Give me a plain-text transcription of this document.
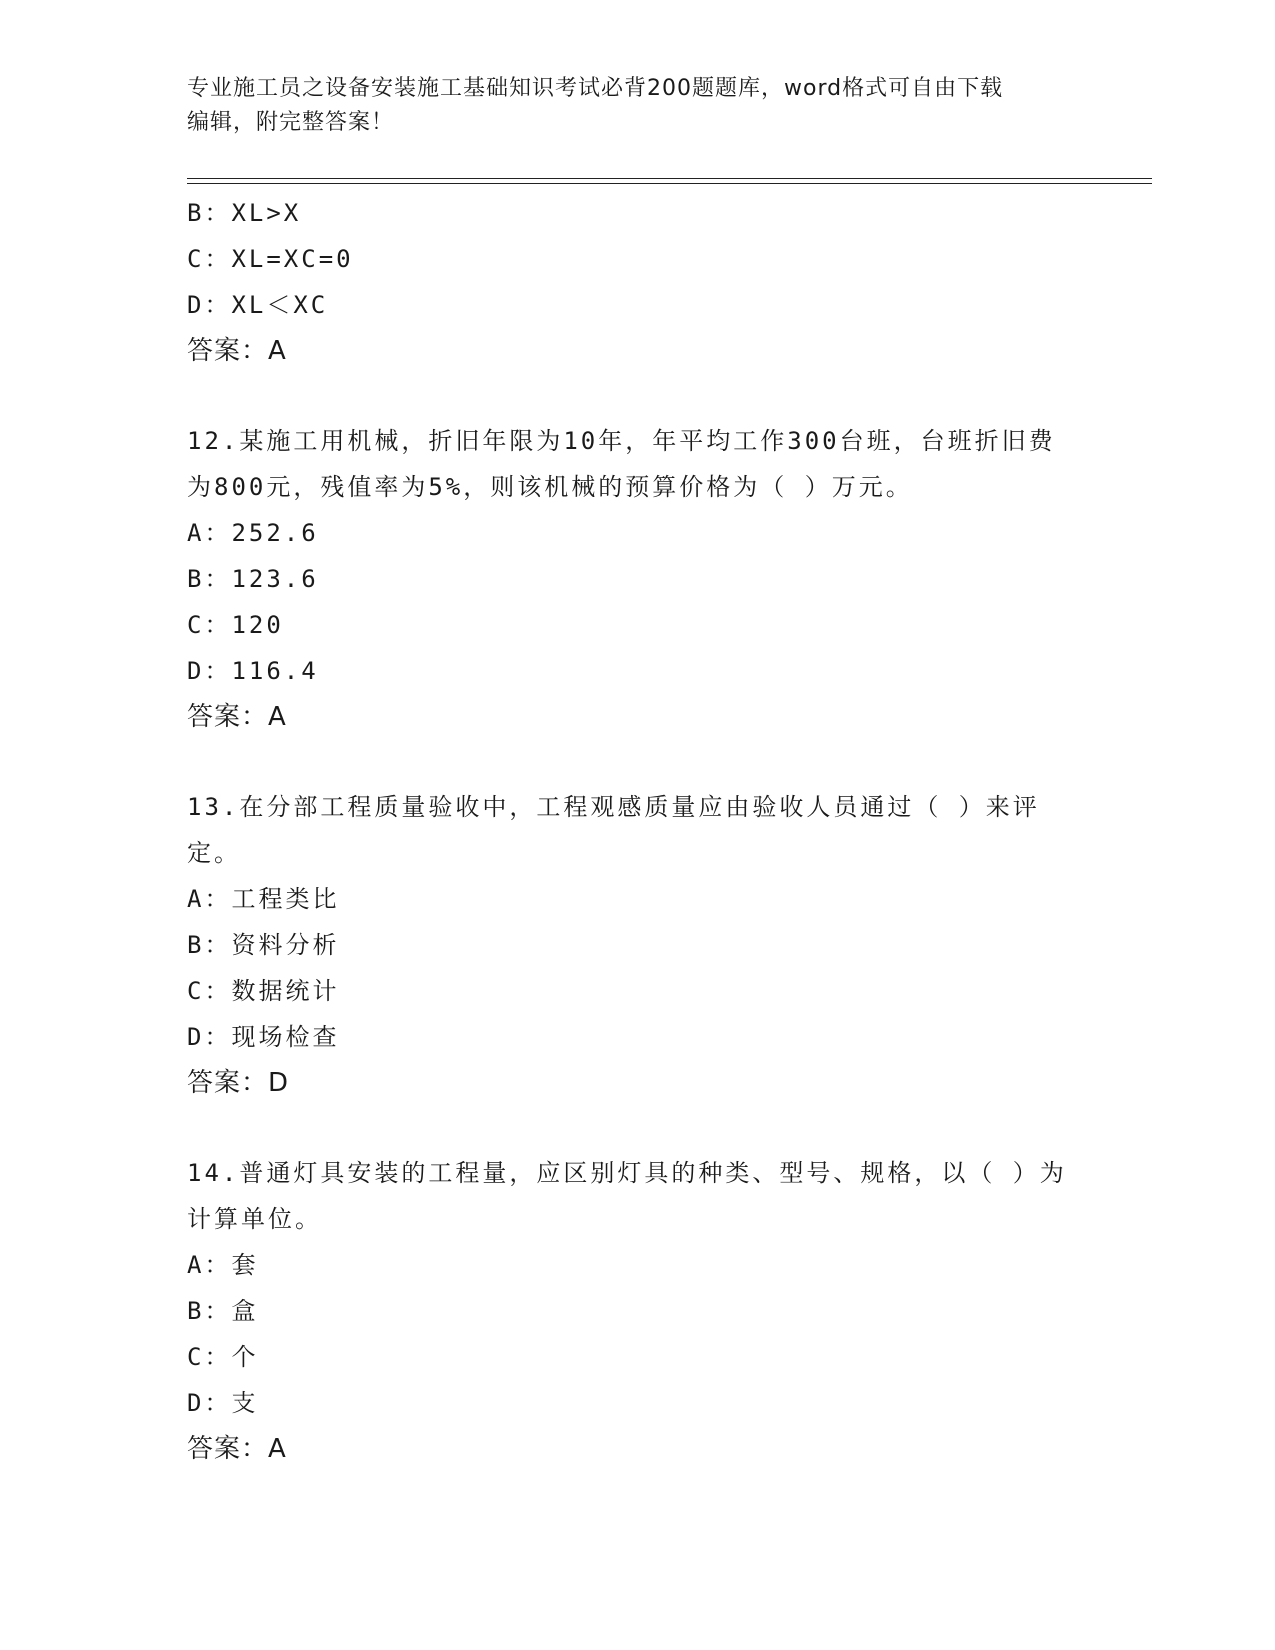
专业施工员之设备安装施工基础知识考试必背200题题库，word格式可自由下载
编辑，附完整答案！
B：XL>X
C：XL=XC=0
D：XL＜XC
答案：A
12.某施工用机械，折旧年限为10年，年平均工作300台班，台班折旧费为800元，残值率为5%，则该机械的预算价格为（ ）万元。
A：252.6
B：123.6
C：120
D：116.4
答案：A
13.在分部工程质量验收中，工程观感质量应由验收人员通过（ ）来评定。
A：工程类比
B：资料分析
C：数据统计
D：现场检查
答案：D
14.普通灯具安装的工程量，应区别灯具的种类、型号、规格，以（ ）为计算单位。
A：套
B：盒
C：个
D：支
答案：A
